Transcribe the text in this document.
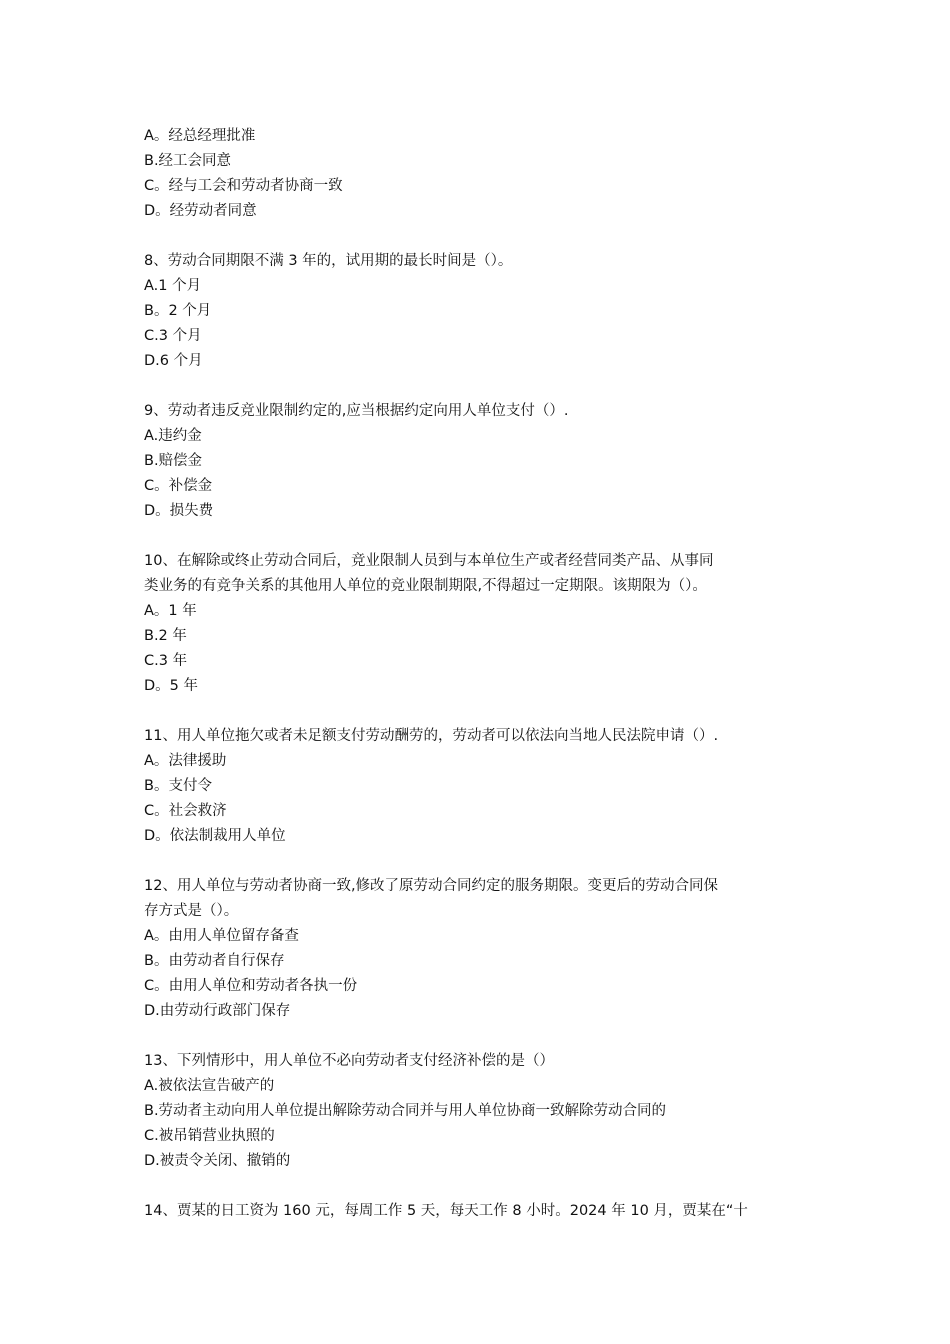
A。经总经理批准
B.经工会同意
C。经与工会和劳动者协商一致
D。经劳动者同意
8、劳动合同期限不满 3 年的，试用期的最长时间是（）。
A.1 个月
B。2 个月
C.3 个月
D.6 个月
9、劳动者违反竞业限制约定的,应当根据约定向用人单位支付（）.
A.违约金
B.赔偿金
C。补偿金
D。损失费
10、在解除或终止劳动合同后，竞业限制人员到与本单位生产或者经营同类产品、从事同
类业务的有竞争关系的其他用人单位的竞业限制期限,不得超过一定期限。该期限为（）。
A。1 年
B.2 年
C.3 年
D。5 年
11、用人单位拖欠或者未足额支付劳动酬劳的，劳动者可以依法向当地人民法院申请（）.
A。法律援助
B。支付令
C。社会救济
D。依法制裁用人单位
12、用人单位与劳动者协商一致,修改了原劳动合同约定的服务期限。变更后的劳动合同保
存方式是（）。
A。由用人单位留存备查
B。由劳动者自行保存
C。由用人单位和劳动者各执一份
D.由劳动行政部门保存
13、下列情形中，用人单位不必向劳动者支付经济补偿的是（）
A.被依法宣告破产的
B.劳动者主动向用人单位提出解除劳动合同并与用人单位协商一致解除劳动合同的
C.被吊销营业执照的
D.被责令关闭、撤销的
14、贾某的日工资为 160 元，每周工作 5 天，每天工作 8 小时。2024 年 10 月，贾某在“十
